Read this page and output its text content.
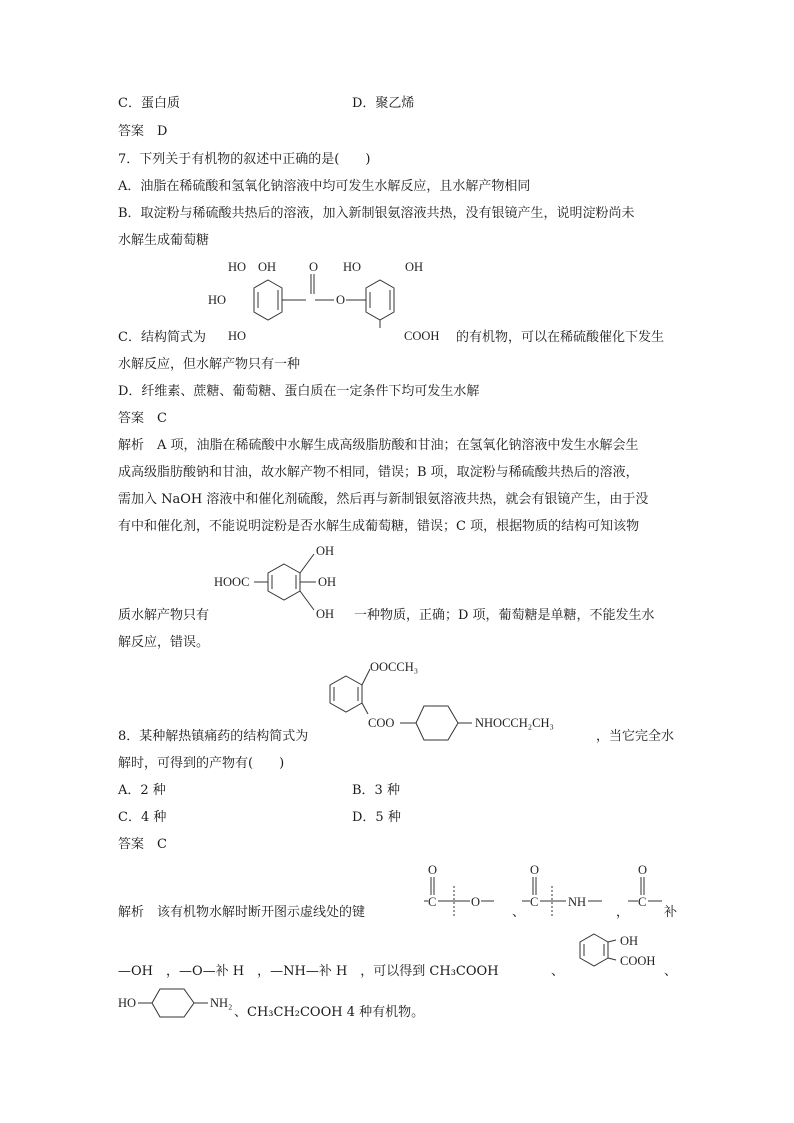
C．蛋白质	D．聚乙烯
答案　D
7．下列关于有机物的叙述中正确的是(　　)
A．油脂在稀硫酸和氢氧化钠溶液中均可发生水解反应，且水解产物相同
B．取淀粉与稀硫酸共热后的溶液，加入新制银氨溶液共热，没有银镜产生，说明淀粉尚未
水解生成葡萄糖
HO OH
HO
HO
O
O
HO	OH
COOH
C．结构简式为	的有机物，可以在稀硫酸催化下发生
水解反应，但水解产物只有一种
D．纤维素、蔗糖、葡萄糖、蛋白质在一定条件下均可发生水解
答案　C
解析　A 项，油脂在稀硫酸中水解生成高级脂肪酸和甘油；在氢氧化钠溶液中发生水解会生
成高级脂肪酸钠和甘油，故水解产物不相同，错误；B 项，取淀粉与稀硫酸共热后的溶液，
需加入 NaOH 溶液中和催化剂硫酸，然后再与新制银氨溶液共热，就会有银镜产生，由于没
有中和催化剂，不能说明淀粉是否水解生成葡萄糖，错误；C 项，根据物质的结构可知该物
OH
HOOC	OH
OH
质水解产物只有	一种物质，正确；D 项，葡萄糖是单糖，不能发生水
解反应，错误。
OOCCH₃
COO	NHOCCH₂CH₃
8．某种解热镇痛药的结构简式为	，当它完全水
解时，可得到的产物有(　　)
A．2 种	B．3 种
C．4 种	D．5 种
答案　C
解析　该有机物水解时断开图示虚线处的键
O
C	O
、
O
C NH
，
O
C
补
—OH　，—O—补 H　，—NH—补 H　，可以得到 CH₃COOH
OH
COOH
、	、
HO	NH₂
、CH₃CH₂COOH 4 种有机物。
